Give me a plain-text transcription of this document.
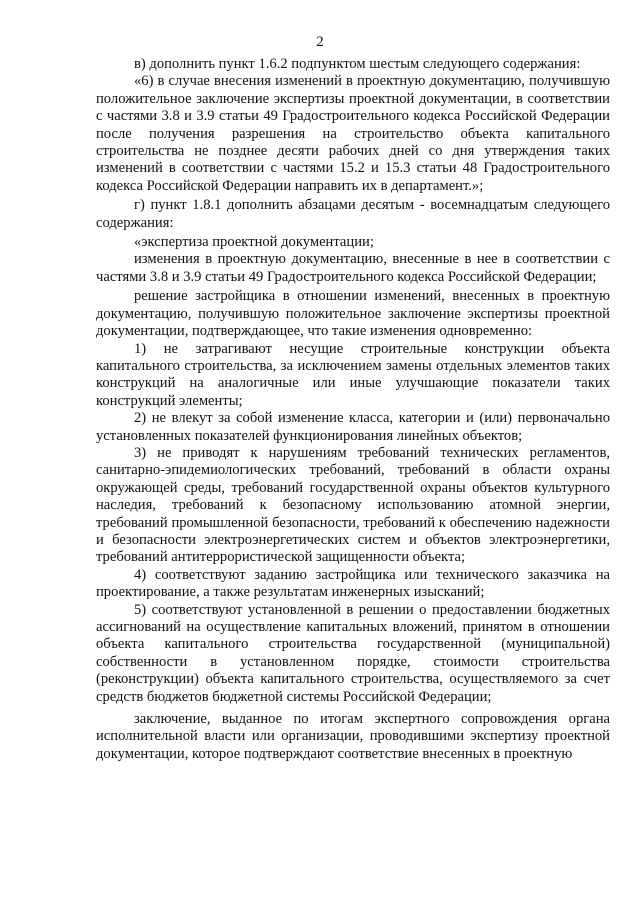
2

в) дополнить пункт 1.6.2 подпунктом шестым следующего содержания:

«6) в случае внесения изменений в проектную документацию, получившую положительное заключение экспертизы проектной документации, в соответствии с частями 3.8 и 3.9 статьи 49 Градостроительного кодекса Российской Федерации после получения разрешения на строительство объекта капитального строительства не позднее десяти рабочих дней со дня утверждения таких изменений в соответствии с частями 15.2 и 15.3 статьи 48 Градостроительного кодекса Российской Федерации направить их в департамент.»;

г) пункт 1.8.1 дополнить абзацами десятым - восемнадцатым следующего содержания:

«экспертиза проектной документации;

изменения в проектную документацию, внесенные в нее в соответствии с частями 3.8 и 3.9 статьи 49 Градостроительного кодекса Российской Федерации;

решение застройщика в отношении изменений, внесенных в проектную документацию, получившую положительное заключение экспертизы проектной документации, подтверждающее, что такие изменения одновременно:

1) не затрагивают несущие строительные конструкции объекта капитального строительства, за исключением замены отдельных элементов таких конструкций на аналогичные или иные улучшающие показатели таких конструкций элементы;

2) не влекут за собой изменение класса, категории и (или) первоначально установленных показателей функционирования линейных объектов;

3) не приводят к нарушениям требований технических регламентов, санитарно-эпидемиологических требований, требований в области охраны окружающей среды, требований государственной охраны объектов культурного наследия, требований к безопасному использованию атомной энергии, требований промышленной безопасности, требований к обеспечению надежности и безопасности электроэнергетических систем и объектов электроэнергетики, требований антитеррористической защищенности объекта;

4) соответствуют заданию застройщика или технического заказчика на проектирование, а также результатам инженерных изысканий;

5) соответствуют установленной в решении о предоставлении бюджетных ассигнований на осуществление капитальных вложений, принятом в отношении объекта капитального строительства государственной (муниципальной) собственности в установленном порядке, стоимости строительства (реконструкции) объекта капитального строительства, осуществляемого за счет средств бюджетов бюджетной системы Российской Федерации;

заключение, выданное по итогам экспертного сопровождения органа исполнительной власти или организации, проводившими экспертизу проектной документации, которое подтверждают соответствие внесенных в проектную
